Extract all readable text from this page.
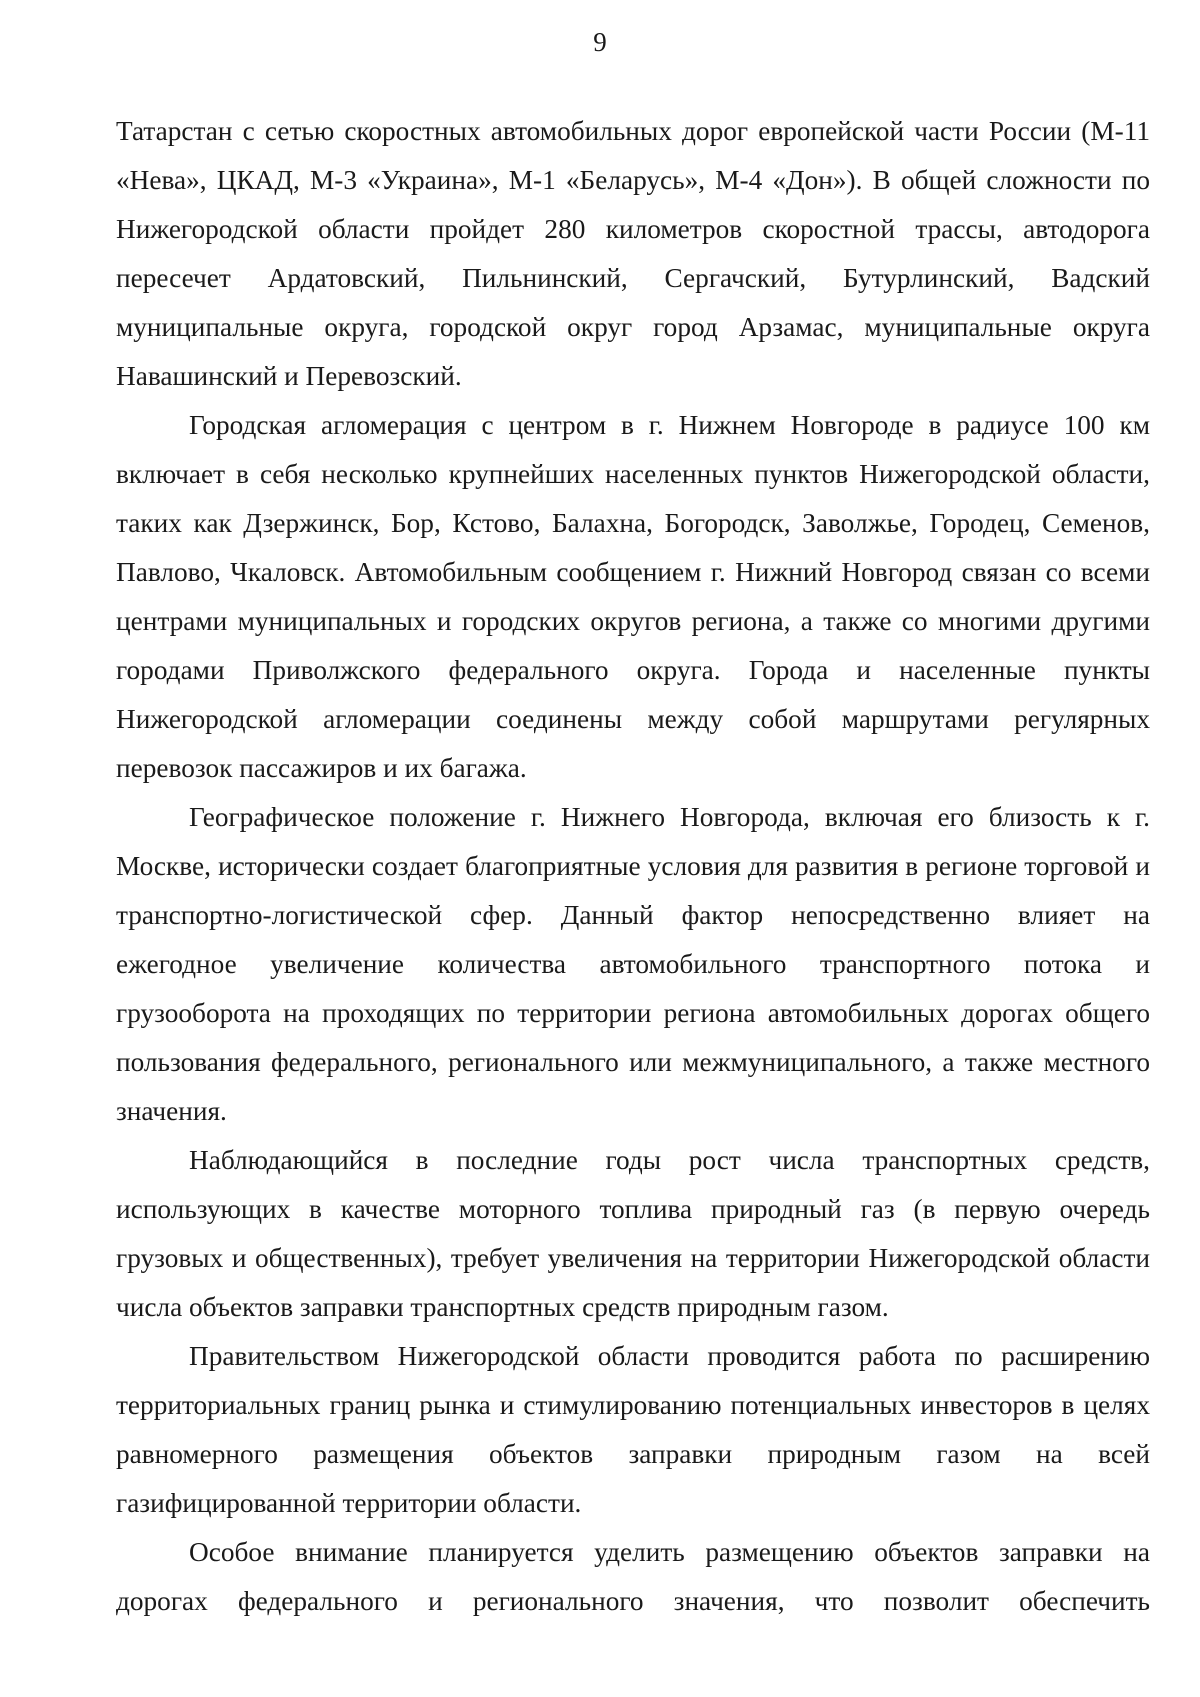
9

Татарстан с сетью скоростных автомобильных дорог европейской части России (М-11 «Нева», ЦКАД, М-3 «Украина», М-1 «Беларусь», М-4 «Дон»). В общей сложности по Нижегородской области пройдет 280 километров скоростной трассы, автодорога пересечет Ардатовский, Пильнинский, Сергачский, Бутурлинский, Вадский муниципальные округа, городской округ город Арзамас, муниципальные округа Навашинский и Перевозский.

Городская агломерация с центром в г. Нижнем Новгороде в радиусе 100 км включает в себя несколько крупнейших населенных пунктов Нижегородской области, таких как Дзержинск, Бор, Кстово, Балахна, Богородск, Заволжье, Городец, Семенов, Павлово, Чкаловск. Автомобильным сообщением г. Нижний Новгород связан со всеми центрами муниципальных и городских округов региона, а также со многими другими городами Приволжского федерального округа. Города и населенные пункты Нижегородской агломерации соединены между собой маршрутами регулярных перевозок пассажиров и их багажа.

Географическое положение г. Нижнего Новгорода, включая его близость к г. Москве, исторически создает благоприятные условия для развития в регионе торговой и транспортно-логистической сфер. Данный фактор непосредственно влияет на ежегодное увеличение количества автомобильного транспортного потока и грузооборота на проходящих по территории региона автомобильных дорогах общего пользования федерального, регионального или межмуниципального, а также местного значения.

Наблюдающийся в последние годы рост числа транспортных средств, использующих в качестве моторного топлива природный газ (в первую очередь грузовых и общественных), требует увеличения на территории Нижегородской области числа объектов заправки транспортных средств природным газом.

Правительством Нижегородской области проводится работа по расширению территориальных границ рынка и стимулированию потенциальных инвесторов в целях равномерного размещения объектов заправки природным газом на всей газифицированной территории области.

Особое внимание планируется уделить размещению объектов заправки на дорогах федерального и регионального значения, что позволит обеспечить
